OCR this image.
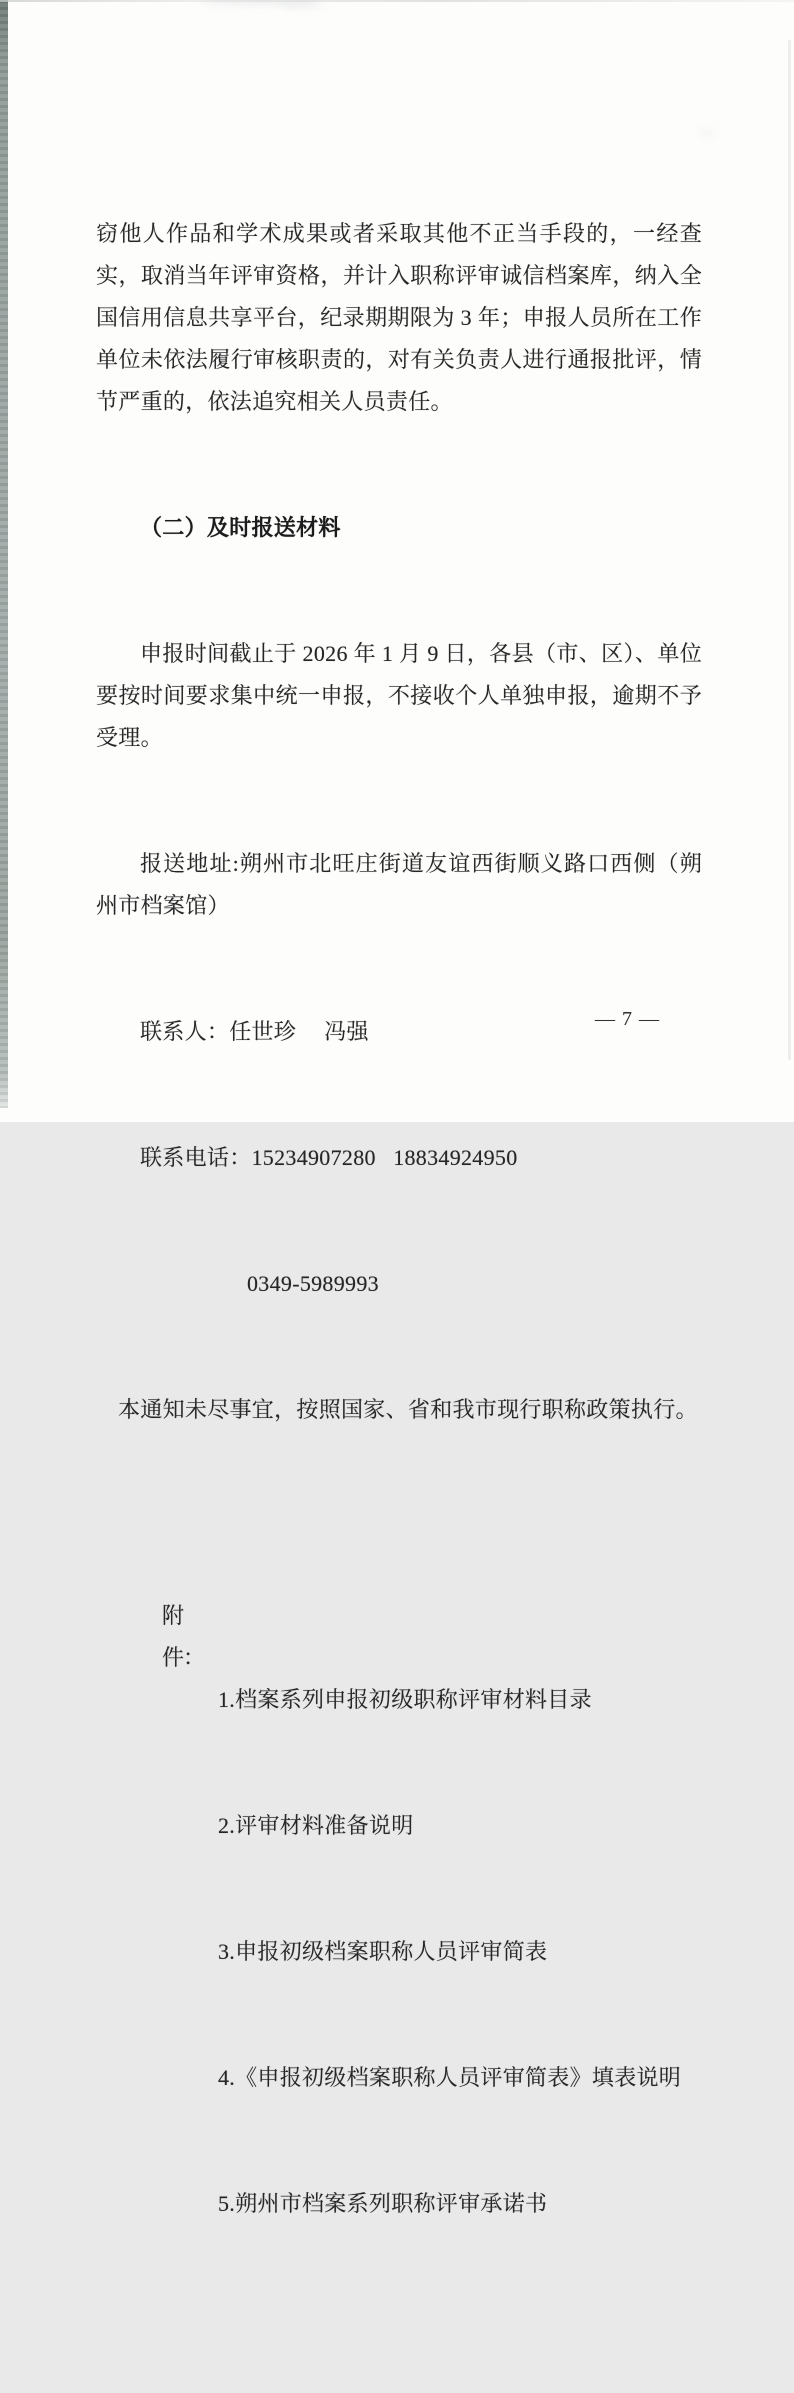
窃他人作品和学术成果或者采取其他不正当手段的，一经查实，取消当年评审资格，并计入职称评审诚信档案库，纳入全国信用信息共享平台，纪录期期限为 3 年；申报人员所在工作单位未依法履行审核职责的，对有关负责人进行通报批评，情节严重的，依法追究相关人员责任。

（二）及时报送材料

申报时间截止于 2026 年 1 月 9 日，各县（市、区）、单位要按时间要求集中统一申报，不接收个人单独申报，逾期不予受理。

报送地址:朔州市北旺庄街道友谊西街顺义路口西侧（朔州市档案馆）

联系人：任世珍　 冯强

联系电话：15234907280   18834924950

0349-5989993

本通知未尽事宜，按照国家、省和我市现行职称政策执行。

附件：

1.档案系列申报初级职称评审材料目录

2.评审材料准备说明

3.申报初级档案职称人员评审简表

4.《申报初级档案职称人员评审简表》填表说明

5.朔州市档案系列职称评审承诺书

— 7 —
